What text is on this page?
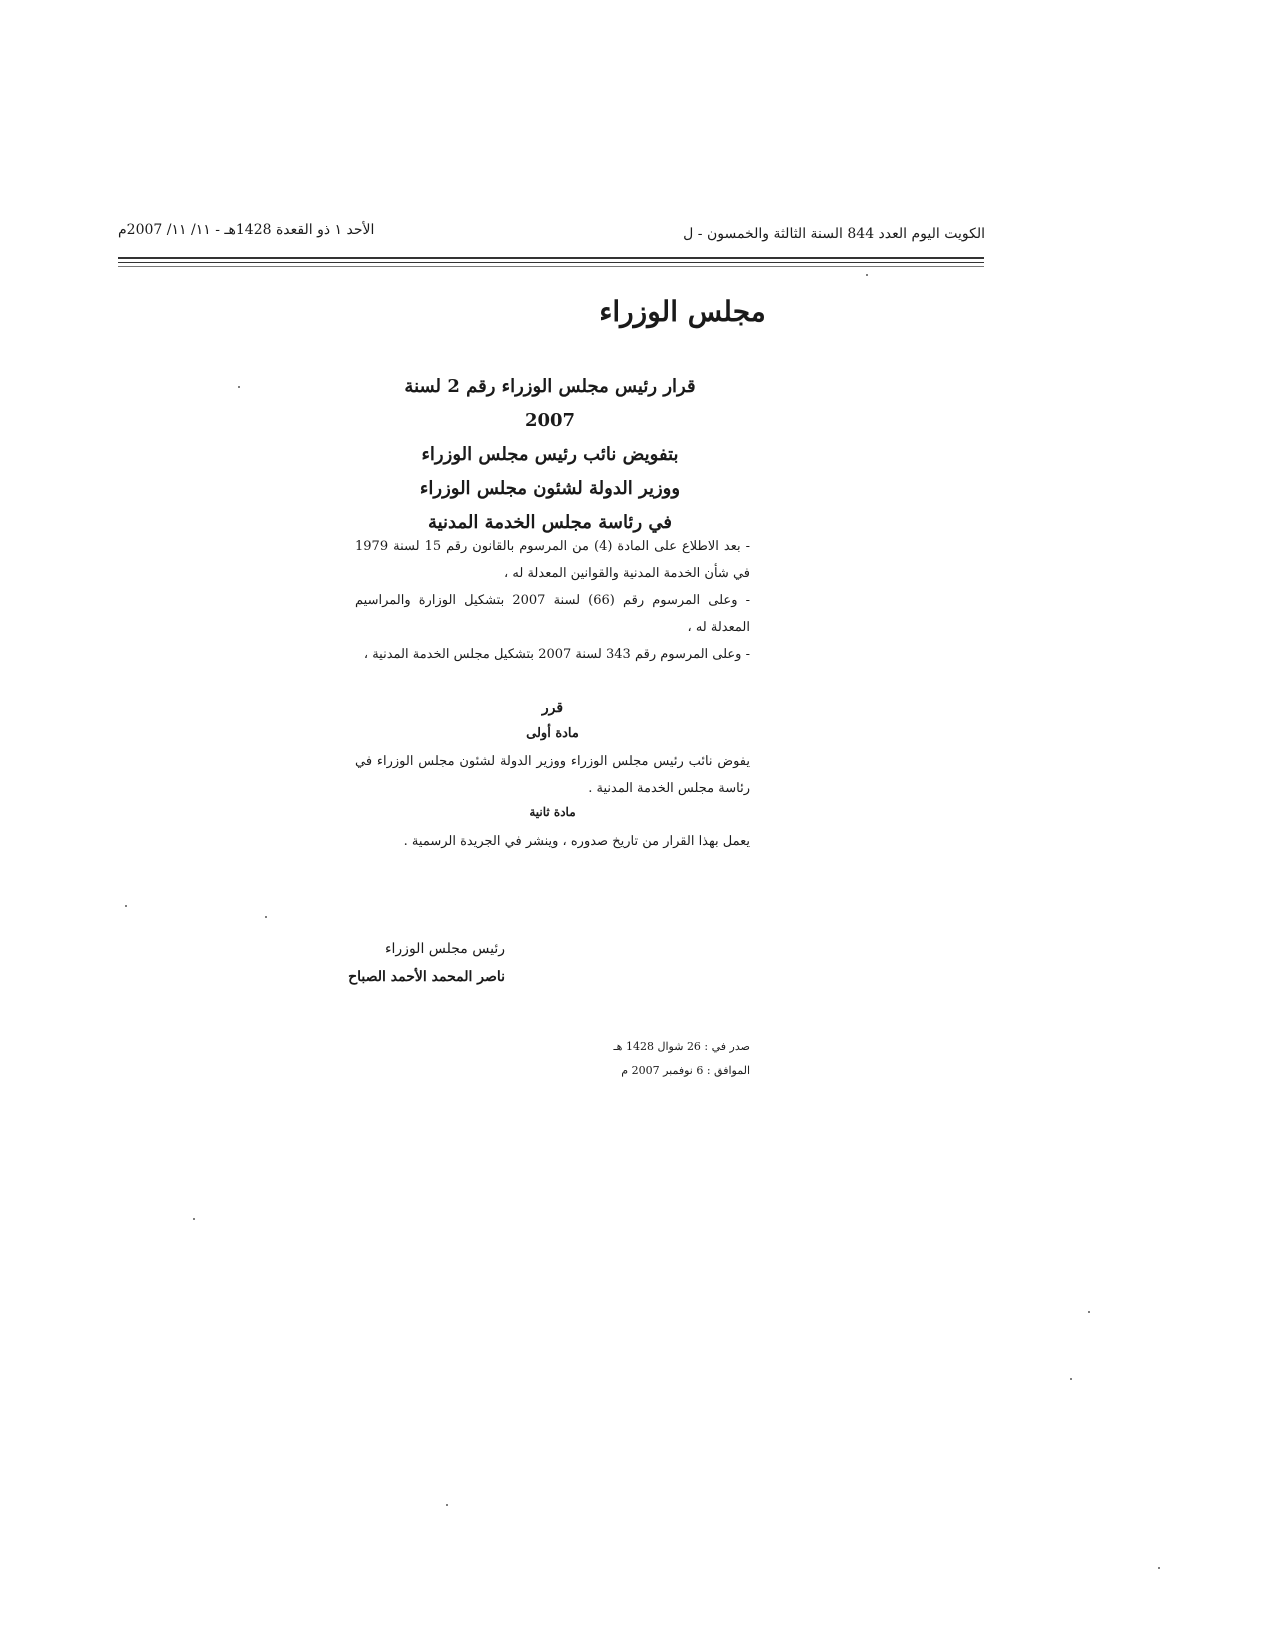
الكويت اليوم العدد 844 السنة الثالثة والخمسون - ل
الأحد ١ ذو القعدة 1428هـ - ١١/ ١١/ 2007م
مجلس الوزراء
قرار رئيس مجلس الوزراء رقم 2 لسنة 2007
بتفويض نائب رئيس مجلس الوزراء
ووزير الدولة لشئون مجلس الوزراء
في رئاسة مجلس الخدمة المدنية

- بعد الاطلاع على المادة (4) من المرسوم بالقانون رقم 15 لسنة 1979 في شأن الخدمة المدنية والقوانين المعدلة له ،

- وعلى المرسوم رقم (66) لسنة 2007 بتشكيل الوزارة والمراسيم المعدلة له ،

- وعلى المرسوم رقم 343 لسنة 2007 بتشكيل مجلس الخدمة المدنية ،

قرر
مادة أولى
يفوض نائب رئيس مجلس الوزراء ووزير الدولة لشئون مجلس الوزراء في رئاسة مجلس الخدمة المدنية .
مادة ثانية
يعمل بهذا القرار من تاريخ صدوره ، وينشر في الجريدة الرسمية .
رئيس مجلس الوزراء
ناصر المحمد الأحمد الصباح
صدر في : 26 شوال 1428 هـ
الموافق : 6 نوفمبر 2007 م
